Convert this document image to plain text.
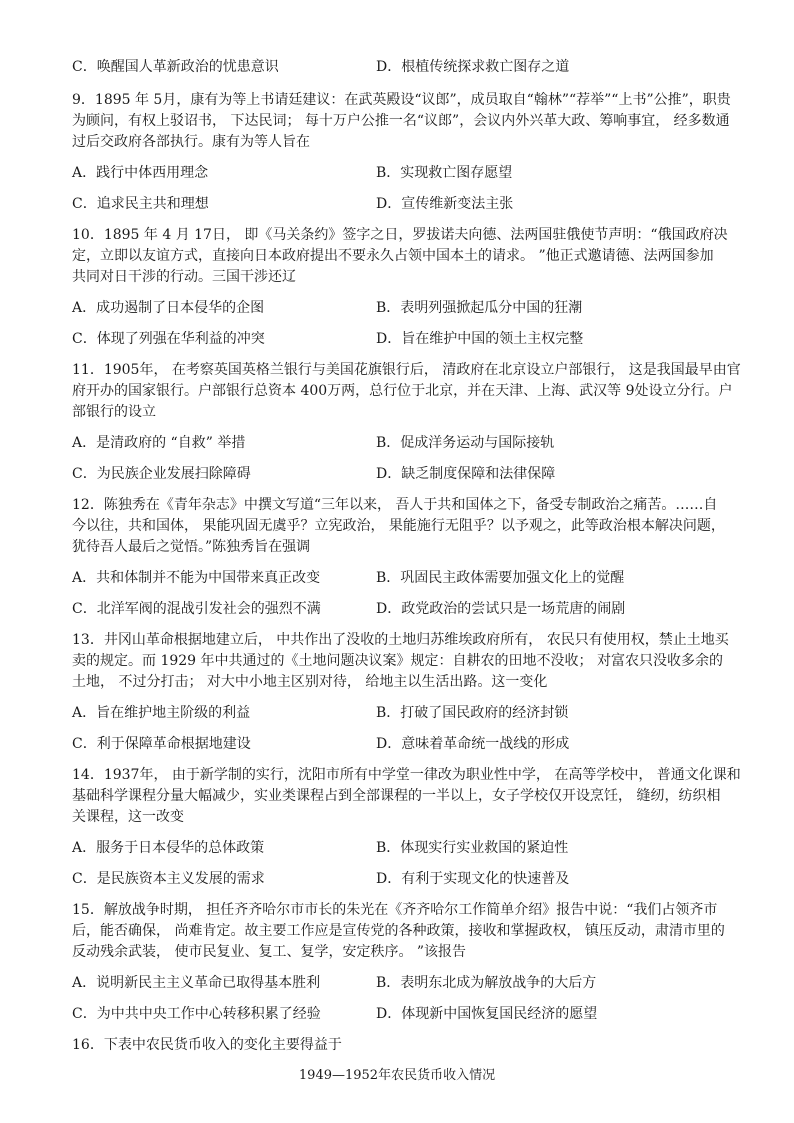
C．唤醒国人革新政治的忧患意识	D．根植传统探求救亡图存之道
9．1895 年 5月，康有为等上书请廷建议：在武英殿设“议郎”，成员取自“翰林”“荐举”“上书”公推”，职贵
为顾问，有权上驳诏书， 下达民词； 每十万户公推一名“议郎”，会议内外兴革大政、筹响事宜， 经多数通
过后交政府各部执行。康有为等人旨在
A．践行中体西用理念	B．实现救亡图存愿望
C．追求民主共和理想	D．宣传维新变法主张
10．1895 年 4 月 17日， 即《马关条约》签字之日，罗拔诺夫向德、法两国驻俄使节声明：“俄国政府决
定，立即以友谊方式，直接向日本政府提出不要永久占领中国本土的请求。 ”他正式邀请德、法两国参加
共同对日干涉的行动。三国干涉还辽
A．成功遏制了日本侵华的企图	B．表明列强掀起瓜分中国的狂潮
C．体现了列强在华利益的冲突	D．旨在维护中国的领土主权完整
11．1905年， 在考察英国英格兰银行与美国花旗银行后， 清政府在北京设立户部银行， 这是我国最早由官
府开办的国家银行。户部银行总资本 400万两，总行位于北京，并在天津、上海、武汉等 9处设立分行。户
部银行的设立
A．是清政府的 “自救” 举措	B．促成洋务运动与国际接轨
C．为民族企业发展扫除障碍	D．缺乏制度保障和法律保障
12．陈独秀在《青年杂志》中撰文写道“三年以来， 吾人于共和国体之下，备受专制政治之痛苦。……自
今以往，共和国体， 果能巩固无虞乎？立宪政治， 果能施行无阻乎？以予观之，此等政治根本解决问题，
犹待吾人最后之觉悟。”陈独秀旨在强调
A．共和体制并不能为中国带来真正改变	B．巩固民主政体需要加强文化上的觉醒
C．北洋军阀的混战引发社会的强烈不满	D．政党政治的尝试只是一场荒唐的闹剧
13．井冈山革命根据地建立后， 中共作出了没收的土地归苏维埃政府所有， 农民只有使用权，禁止土地买
卖的规定。而 1929 年中共通过的《土地问题决议案》规定：自耕农的田地不没收； 对富农只没收多余的
土地， 不过分打击； 对大中小地主区别对待， 给地主以生活出路。这一变化
A．旨在维护地主阶级的利益	B．打破了国民政府的经济封锁
C．利于保障革命根据地建设	D．意味着革命统一战线的形成
14．1937年， 由于新学制的实行，沈阳市所有中学堂一律改为职业性中学， 在高等学校中， 普通文化课和
基础科学课程分量大幅减少，实业类课程占到全部课程的一半以上，女子学校仅开设烹饪， 缝纫，纺织相
关课程，这一改变
A．服务于日本侵华的总体政策	B．体现实行实业救国的紧迫性
C．是民族资本主义发展的需求	D．有利于实现文化的快速普及
15．解放战争时期， 担任齐齐哈尔市市长的朱光在《齐齐哈尔工作简单介绍》报告中说：“我们占领齐市
后，能否确保， 尚难肯定。故主要工作应是宣传党的各种政策，接收和掌握政权， 镇压反动，肃清市里的
反动残余武装， 使市民复业、复工、复学，安定秩序。 ”该报告
A．说明新民主主义革命已取得基本胜利	B．表明东北成为解放战争的大后方
C．为中共中央工作中心转移积累了经验	D．体现新中国恢复国民经济的愿望
16．下表中农民货币收入的变化主要得益于
1949—1952年农民货币收入情况
